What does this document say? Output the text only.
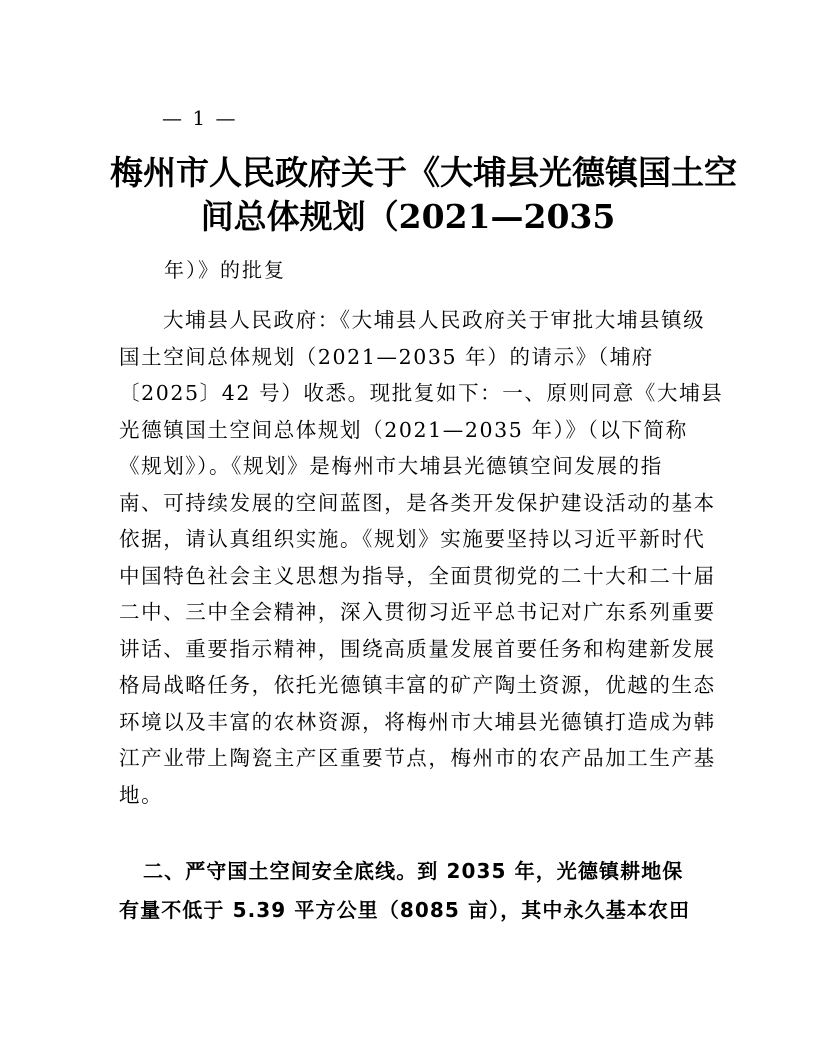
— 1 —
梅州市人民政府关于《大埔县光德镇国土空
间总体规划（2021—2035
年）》的批复
大埔县人民政府：《大埔县人民政府关于审批大埔县镇级
国土空间总体规划（2021—2035 年）的请示》（埔府
〔2025〕42 号）收悉。现批复如下：一、原则同意《大埔县
光德镇国土空间总体规划（2021—2035 年）》（以下简称
《规划》）。《规划》是梅州市大埔县光德镇空间发展的指
南、可持续发展的空间蓝图，是各类开发保护建设活动的基本
依据，请认真组织实施。《规划》实施要坚持以习近平新时代
中国特色社会主义思想为指导，全面贯彻党的二十大和二十届
二中、三中全会精神，深入贯彻习近平总书记对广东系列重要
讲话、重要指示精神，围绕高质量发展首要任务和构建新发展
格局战略任务，依托光德镇丰富的矿产陶土资源，优越的生态
环境以及丰富的农林资源，将梅州市大埔县光德镇打造成为韩
江产业带上陶瓷主产区重要节点，梅州市的农产品加工生产基
地。
二、严守国土空间安全底线。到 2035 年，光德镇耕地保
有量不低于 5.39 平方公里（8085 亩），其中永久基本农田
